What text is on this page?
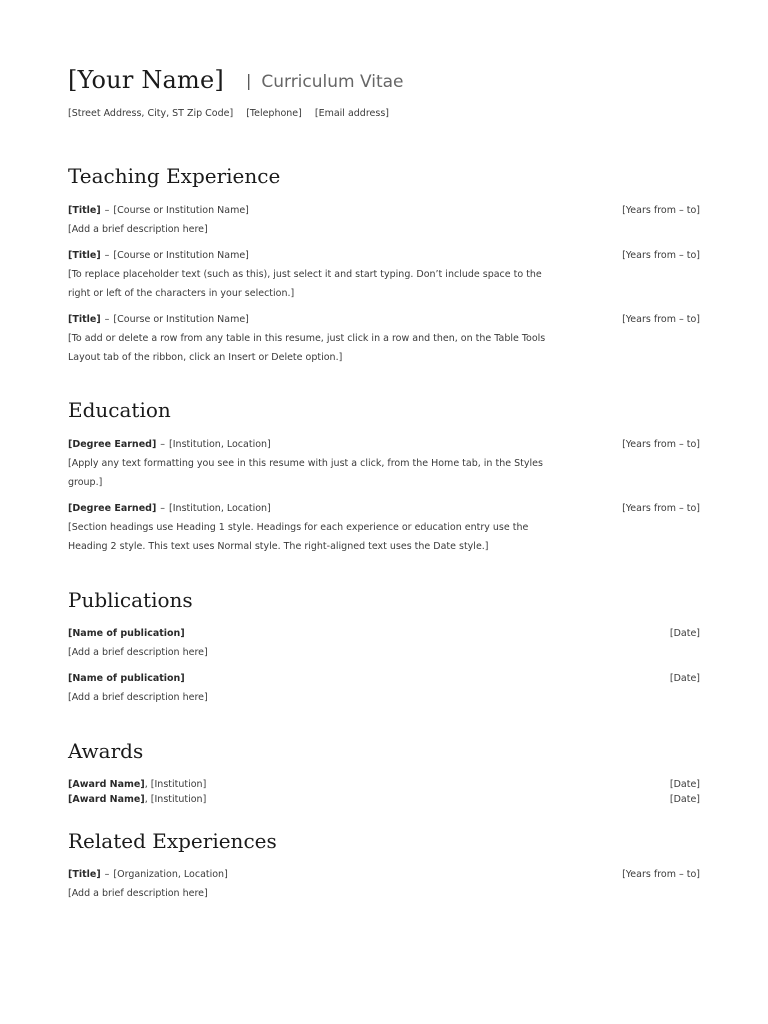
[Your Name] | Curriculum Vitae
[Street Address, City, ST Zip Code] [Telephone] [Email address]
Teaching Experience
[Title] – [Course or Institution Name]	[Years from – to]
[Add a brief description here]
[Title] – [Course or Institution Name]	[Years from – to]
[To replace placeholder text (such as this), just select it and start typing. Don’t include space to the right or left of the characters in your selection.]
[Title] – [Course or Institution Name]	[Years from – to]
[To add or delete a row from any table in this resume, just click in a row and then, on the Table Tools Layout tab of the ribbon, click an Insert or Delete option.]
Education
[Degree Earned] – [Institution, Location]	[Years from – to]
[Apply any text formatting you see in this resume with just a click, from the Home tab, in the Styles group.]
[Degree Earned] – [Institution, Location]	[Years from – to]
[Section headings use Heading 1 style. Headings for each experience or education entry use the Heading 2 style. This text uses Normal style. The right-aligned text uses the Date style.]
Publications
[Name of publication]	[Date]
[Add a brief description here]
[Name of publication]	[Date]
[Add a brief description here]
Awards
[Award Name], [Institution]	[Date]
[Award Name], [Institution]	[Date]
Related Experiences
[Title] – [Organization, Location]	[Years from – to]
[Add a brief description here]
